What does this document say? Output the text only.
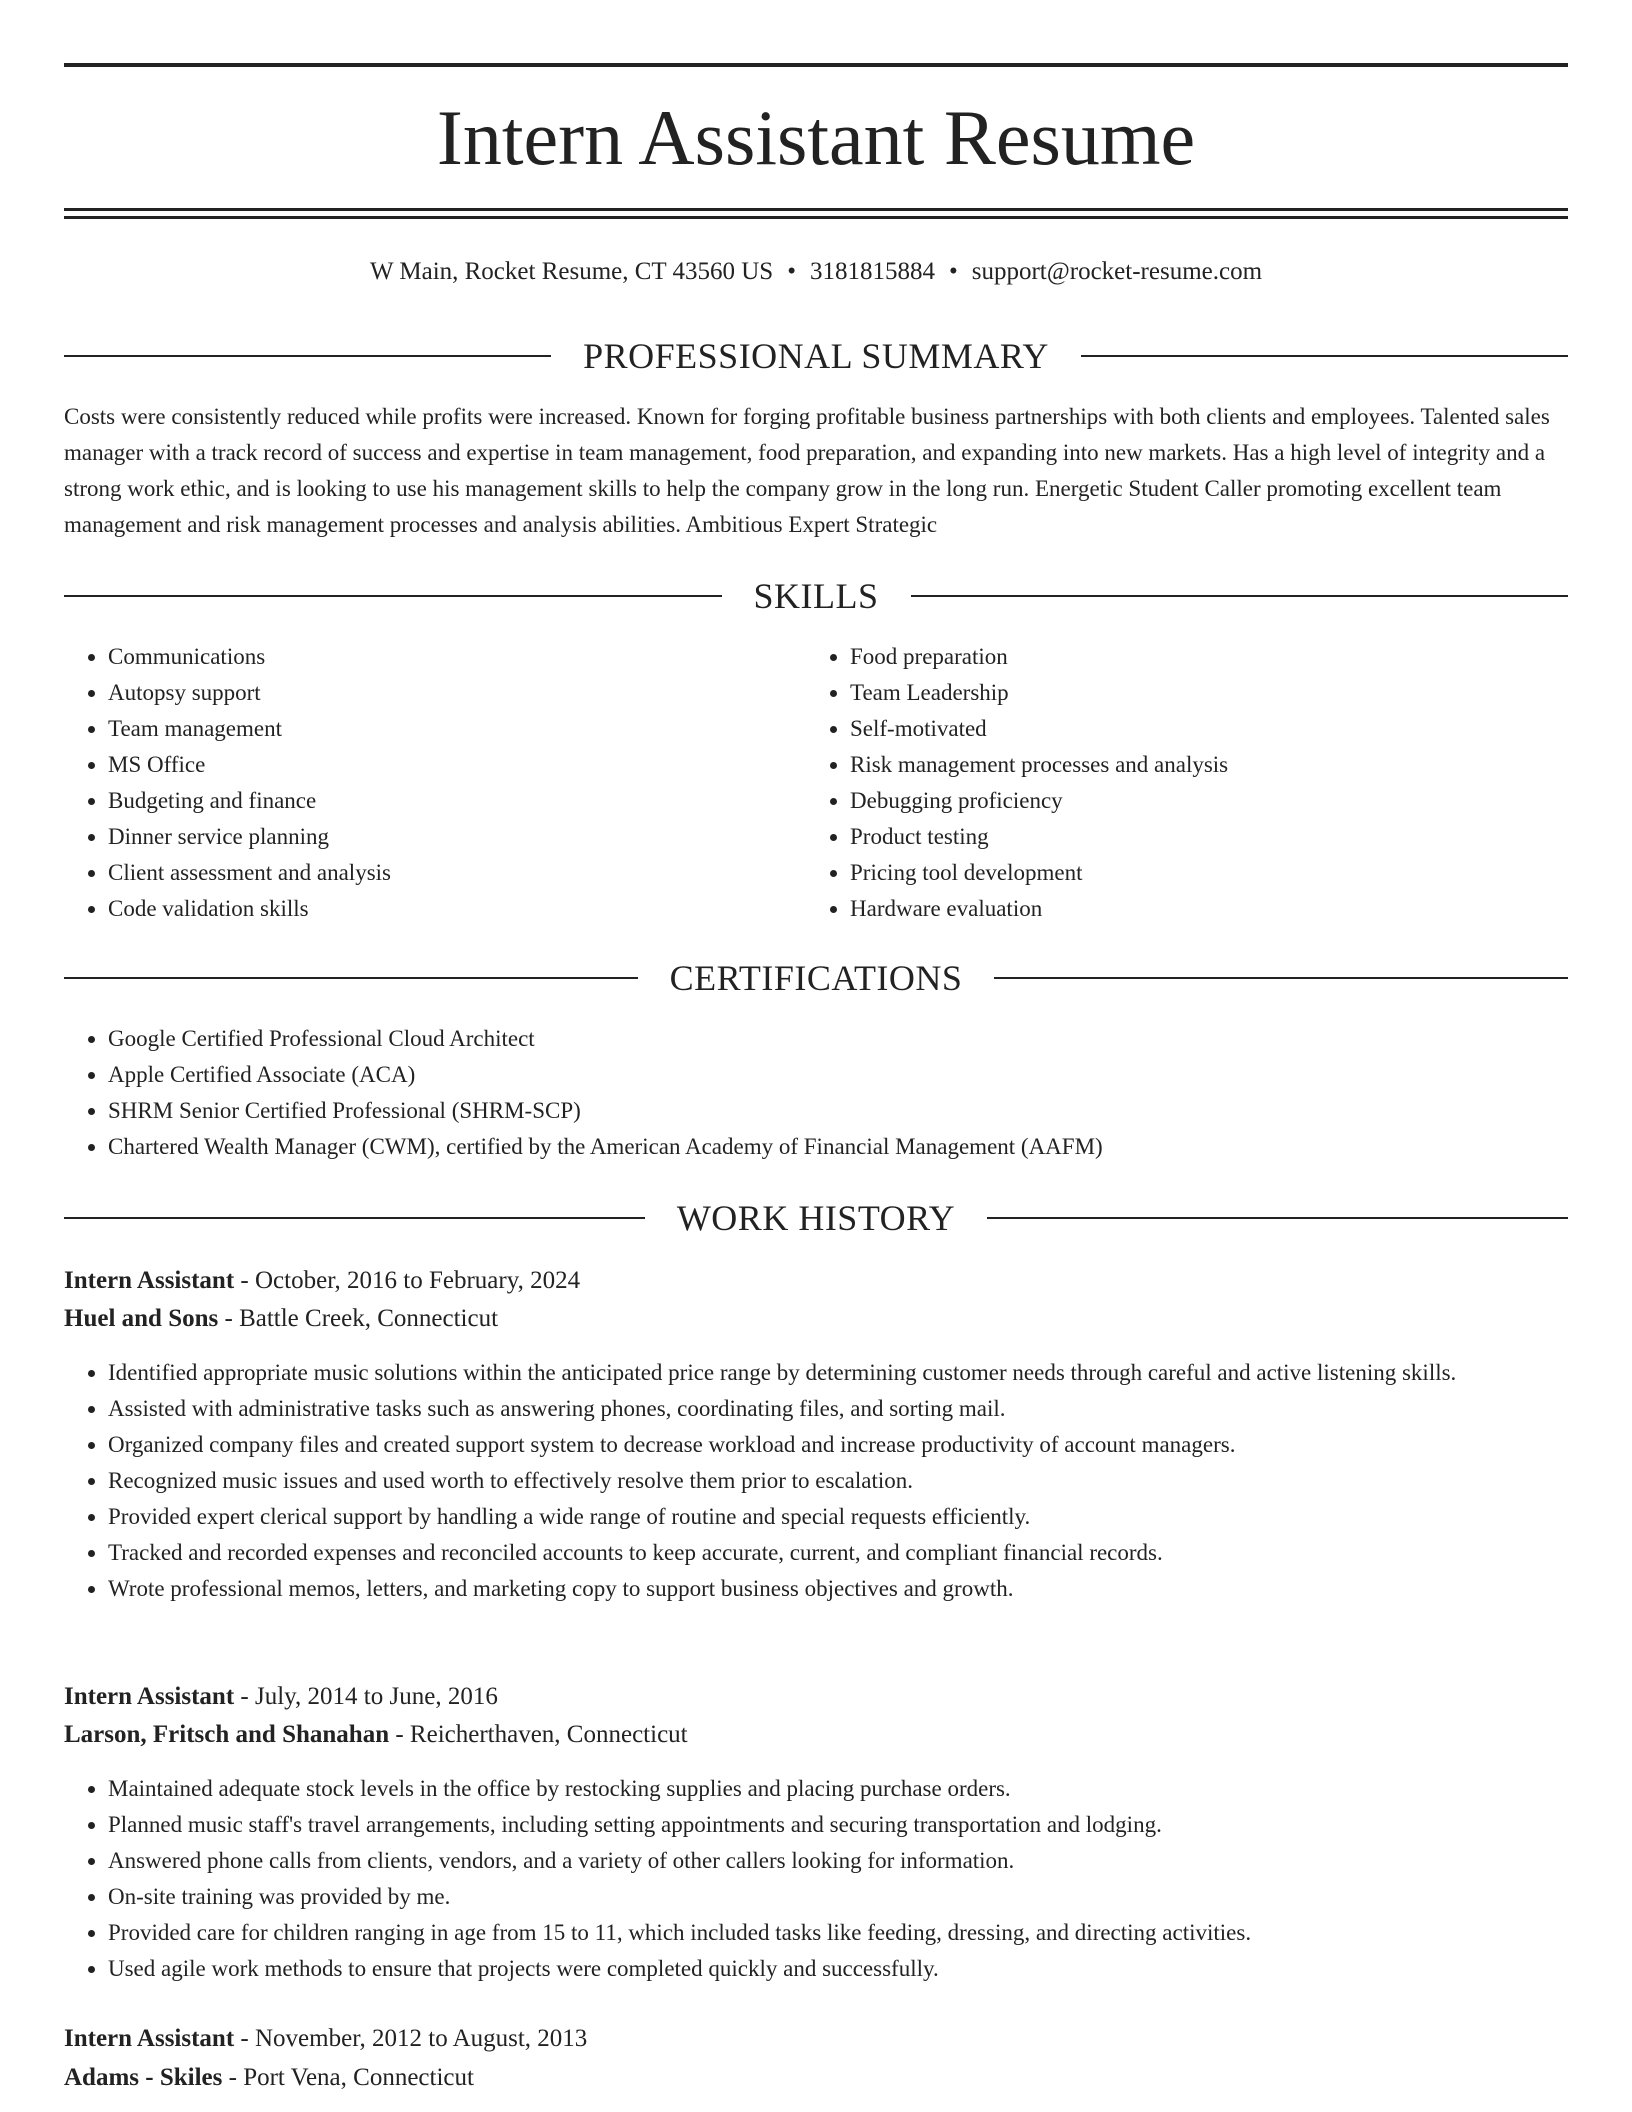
Intern Assistant Resume
W Main, Rocket Resume, CT 43560 US • 3181815884 • support@rocket-resume.com
PROFESSIONAL SUMMARY
Costs were consistently reduced while profits were increased. Known for forging profitable business partnerships with both clients and employees. Talented sales manager with a track record of success and expertise in team management, food preparation, and expanding into new markets. Has a high level of integrity and a strong work ethic, and is looking to use his management skills to help the company grow in the long run. Energetic Student Caller promoting excellent team management and risk management processes and analysis abilities. Ambitious Expert Strategic
SKILLS
• Communications
• Autopsy support
• Team management
• MS Office
• Budgeting and finance
• Dinner service planning
• Client assessment and analysis
• Code validation skills
• Food preparation
• Team Leadership
• Self-motivated
• Risk management processes and analysis
• Debugging proficiency
• Product testing
• Pricing tool development
• Hardware evaluation
CERTIFICATIONS
• Google Certified Professional Cloud Architect
• Apple Certified Associate (ACA)
• SHRM Senior Certified Professional (SHRM-SCP)
• Chartered Wealth Manager (CWM), certified by the American Academy of Financial Management (AAFM)
WORK HISTORY
Intern Assistant - October, 2016 to February, 2024
Huel and Sons - Battle Creek, Connecticut
• Identified appropriate music solutions within the anticipated price range by determining customer needs through careful and active listening skills.
• Assisted with administrative tasks such as answering phones, coordinating files, and sorting mail.
• Organized company files and created support system to decrease workload and increase productivity of account managers.
• Recognized music issues and used worth to effectively resolve them prior to escalation.
• Provided expert clerical support by handling a wide range of routine and special requests efficiently.
• Tracked and recorded expenses and reconciled accounts to keep accurate, current, and compliant financial records.
• Wrote professional memos, letters, and marketing copy to support business objectives and growth.
Intern Assistant - July, 2014 to June, 2016
Larson, Fritsch and Shanahan - Reicherthaven, Connecticut
• Maintained adequate stock levels in the office by restocking supplies and placing purchase orders.
• Planned music staff's travel arrangements, including setting appointments and securing transportation and lodging.
• Answered phone calls from clients, vendors, and a variety of other callers looking for information.
• On-site training was provided by me.
• Provided care for children ranging in age from 15 to 11, which included tasks like feeding, dressing, and directing activities.
• Used agile work methods to ensure that projects were completed quickly and successfully.
Intern Assistant - November, 2012 to August, 2013
Adams - Skiles - Port Vena, Connecticut
